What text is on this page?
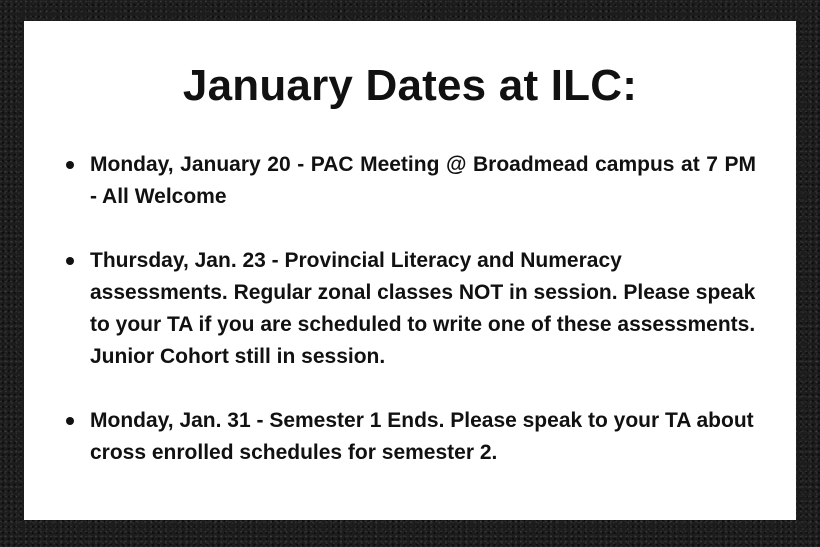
January Dates at ILC:
Monday, January 20 - PAC Meeting @ Broadmead campus at 7 PM - All Welcome
Thursday, Jan. 23 - Provincial Literacy and Numeracy assessments. Regular zonal classes NOT in session. Please speak to your TA if you are scheduled to write one of these assessments. Junior Cohort still in session.
Monday, Jan. 31 - Semester 1 Ends. Please speak to your TA about cross enrolled schedules for semester 2.
